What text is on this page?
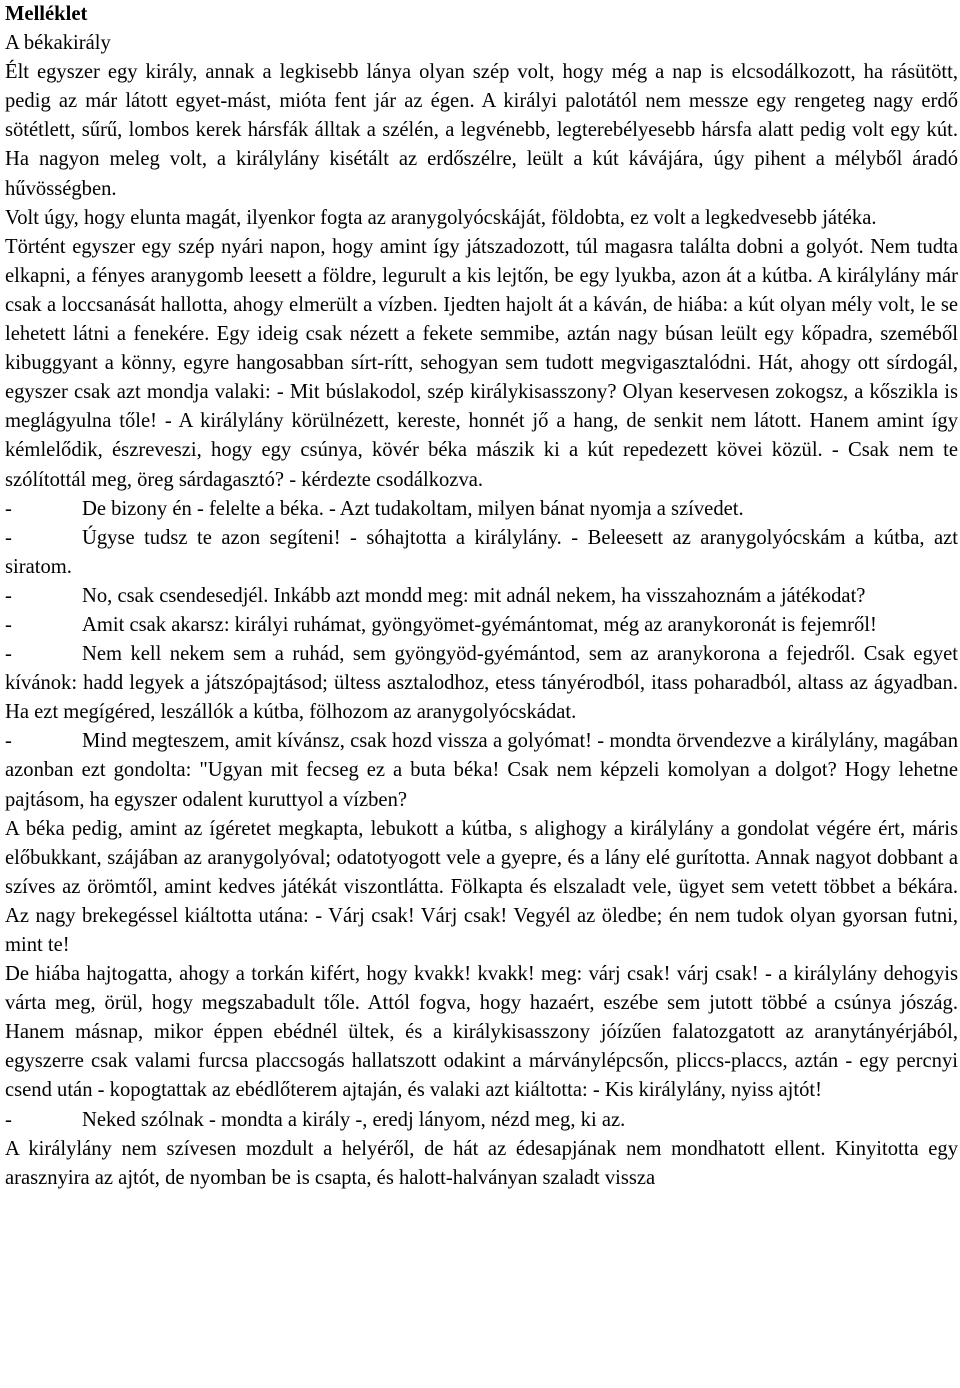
Melléklet
A békakirály
Élt egyszer egy király, annak a legkisebb lánya olyan szép volt, hogy még a nap is elcsodálkozott, ha rásütött, pedig az már látott egyet-mást, mióta fent jár az égen. A királyi palotától nem messze egy rengeteg nagy erdő sötétlett, sűrű, lombos kerek hársfák álltak a szélén, a legvénebb, legterebélyesebb hársfa alatt pedig volt egy kút. Ha nagyon meleg volt, a királylány kisétált az erdőszélre, leült a kút kávájára, úgy pihent a mélyből áradó hűvösségben.
Volt úgy, hogy elunta magát, ilyenkor fogta az aranygolyócskáját, földobta, ez volt a legkedvesebb játéka.
Történt egyszer egy szép nyári napon, hogy amint így játszadozott, túl magasra találta dobni a golyót. Nem tudta elkapni, a fényes aranygomb leesett a földre, legurult a kis lejtőn, be egy lyukba, azon át a kútba. A királylány már csak a loccsanását hallotta, ahogy elmerült a vízben. Ijedten hajolt át a káván, de hiába: a kút olyan mély volt, le se lehetett látni a fenekére. Egy ideig csak nézett a fekete semmibe, aztán nagy búsan leült egy kőpadra, szeméből kibuggyant a könny, egyre hangosabban sírt-rítt, sehogyan sem tudott megvigasztalódni. Hát, ahogy ott sírdogál, egyszer csak azt mondja valaki: - Mit búslakodol, szép királykisasszony? Olyan keservesen zokogsz, a kőszikla is meglágyulna tőle! - A királylány körülnézett, kereste, honnét jő a hang, de senkit nem látott. Hanem amint így kémlelődik, észreveszi, hogy egy csúnya, kövér béka mászik ki a kút repedezett kövei közül. - Csak nem te szólítottál meg, öreg sárdagasztó? - kérdezte csodálkozva.
-	De bizony én - felelte a béka. - Azt tudakoltam, milyen bánat nyomja a szívedet.
-	Úgyse tudsz te azon segíteni! - sóhajtotta a királylány. - Beleesett az aranygolyócskám a kútba, azt siratom.
-	No, csak csendesedjél. Inkább azt mondd meg: mit adnál nekem, ha visszahoznám a játékodat?
-	Amit csak akarsz: királyi ruhámat, gyöngyömet-gyémántomat, még az aranykoronát is fejemről!
-	Nem kell nekem sem a ruhád, sem gyöngyöd-gyémántod, sem az aranykorona a fejedről. Csak egyet kívánok: hadd legyek a játszópajtásod; ültess asztalodhoz, etess tányérodból, itass poharadból, altass az ágyadban. Ha ezt megígéred, leszállók a kútba, fölhozom az aranygolyócskádat.
-	Mind megteszem, amit kívánsz, csak hozd vissza a golyómat! - mondta örvendezve a királylány, magában azonban ezt gondolta: "Ugyan mit fecseg ez a buta béka! Csak nem képzeli komolyan a dolgot? Hogy lehetne pajtásom, ha egyszer odalent kuruttyol a vízben?
A béka pedig, amint az ígéretet megkapta, lebukott a kútba, s alighogy a királylány a gondolat végére ért, máris előbukkant, szájában az aranygolyóval; odatotyogott vele a gyepre, és a lány elé gurította. Annak nagyot dobbant a szíves az örömtől, amint kedves játékát viszontlátta. Fölkapta és elszaladt vele, ügyet sem vetett többet a békára. Az nagy brekegéssel kiáltotta utána: - Várj csak! Várj csak! Vegyél az öledbe; én nem tudok olyan gyorsan futni, mint te!
De hiába hajtogatta, ahogy a torkán kifért, hogy kvakk! kvakk! meg: várj csak! várj csak! - a királylány dehogyis várta meg, örül, hogy megszabadult tőle. Attól fogva, hogy hazaért, eszébe sem jutott többé a csúnya jószág. Hanem másnap, mikor éppen ebédnél ültek, és a királykisasszony jóízűen falatozgatott az aranytányérjából, egyszerre csak valami furcsa placcsogás hallatszott odakint a márványlépcsőn, pliccs-placcs, aztán - egy percnyi csend után - kopogtattak az ebédlőterem ajtaján, és valaki azt kiáltotta: - Kis királylány, nyiss ajtót!
-	Neked szólnak - mondta a király -, eredj lányom, nézd meg, ki az.
A királylány nem szívesen mozdult a helyéről, de hát az édesapjának nem mondhatott ellent. Kinyitotta egy arasznyira az ajtót, de nyomban be is csapta, és halott-halványan szaladt vissza
